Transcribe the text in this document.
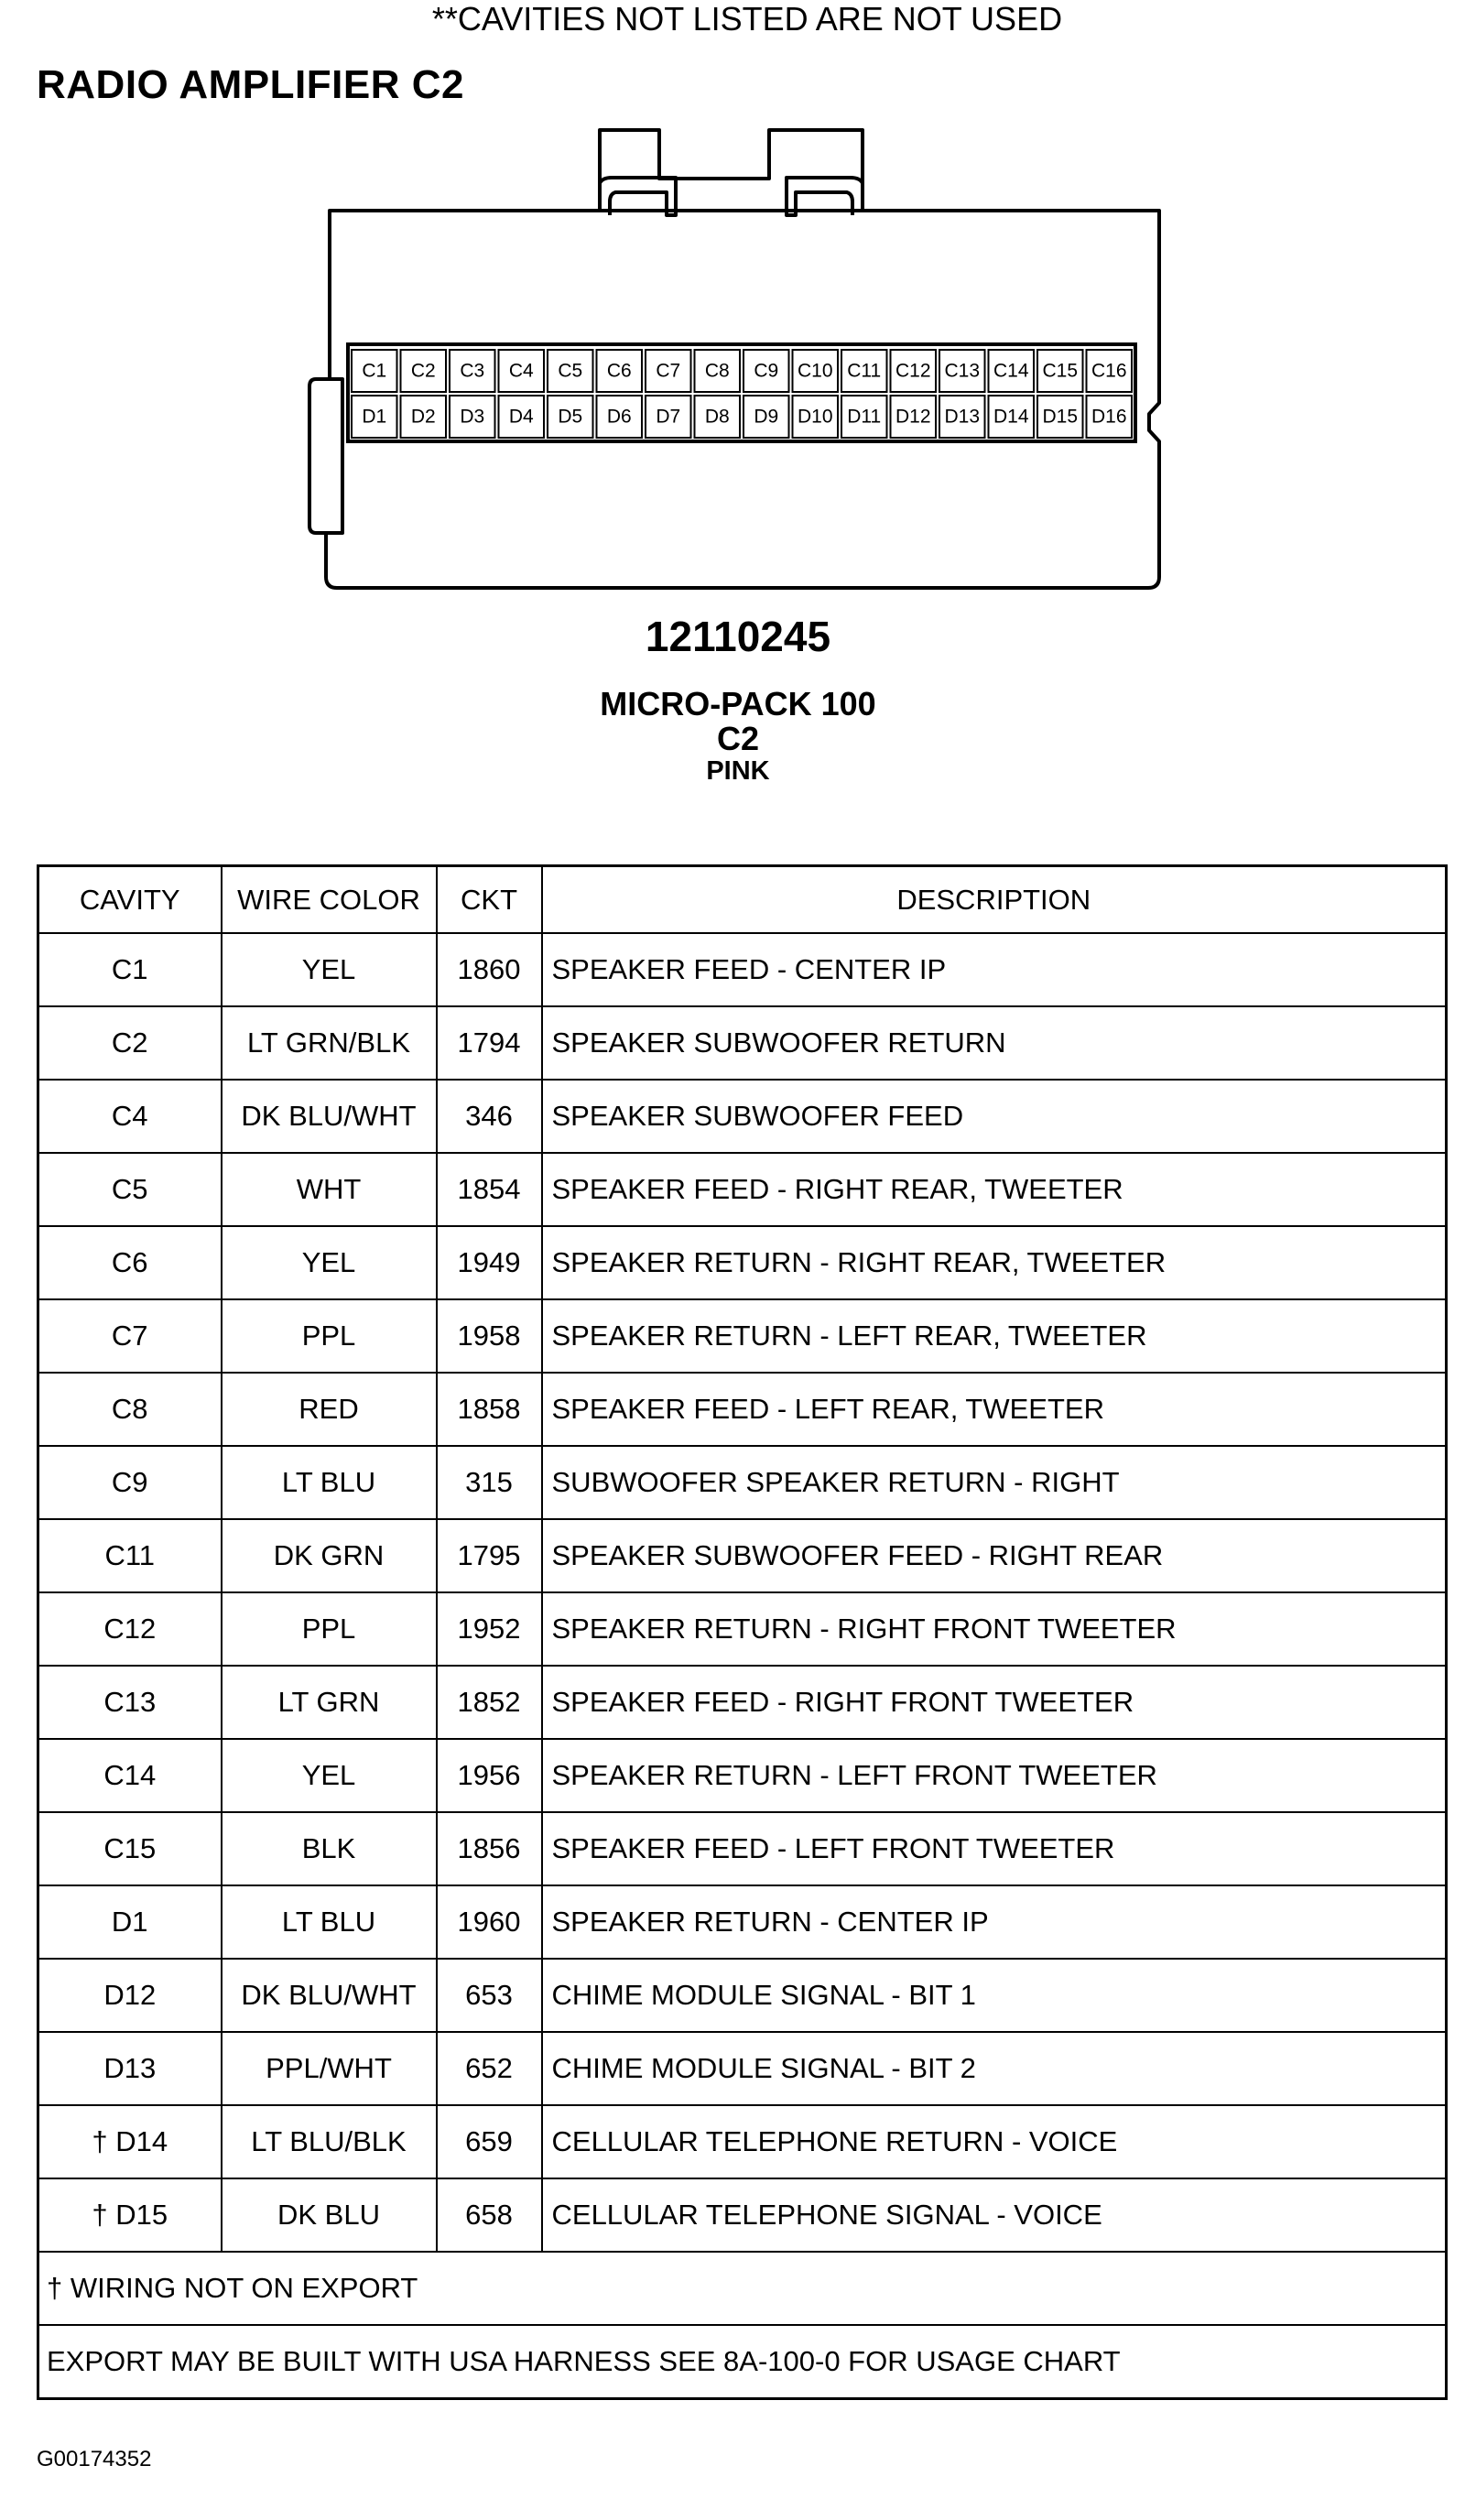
RADIO AMPLIFIER C2
C1 C2 C3 C4 C5 C6 C7 C8 C9 C10 C11 C12 C13 C14 C15 C16
D1 D2 D3 D4 D5 D6 D7 D8 D9 D10 D11 D12 D13 D14 D15 D16
12110245
MICRO-PACK 100
C2
PINK
**CAVITIES NOT LISTED ARE NOT USED
CAVITY	WIRE COLOR	CKT	DESCRIPTION
C1	YEL	1860	SPEAKER FEED - CENTER IP
C2	LT GRN/BLK	1794	SPEAKER SUBWOOFER RETURN
C4	DK BLU/WHT	346	SPEAKER SUBWOOFER FEED
C5	WHT	1854	SPEAKER FEED - RIGHT REAR, TWEETER
C6	YEL	1949	SPEAKER RETURN - RIGHT REAR, TWEETER
C7	PPL	1958	SPEAKER RETURN - LEFT REAR, TWEETER
C8	RED	1858	SPEAKER FEED - LEFT REAR, TWEETER
C9	LT BLU	315	SUBWOOFER SPEAKER RETURN - RIGHT
C11	DK GRN	1795	SPEAKER SUBWOOFER FEED - RIGHT REAR
C12	PPL	1952	SPEAKER RETURN - RIGHT FRONT TWEETER
C13	LT GRN	1852	SPEAKER FEED - RIGHT FRONT TWEETER
C14	YEL	1956	SPEAKER RETURN - LEFT FRONT TWEETER
C15	BLK	1856	SPEAKER FEED - LEFT FRONT TWEETER
D1	LT BLU	1960	SPEAKER RETURN - CENTER IP
D12	DK BLU/WHT	653	CHIME MODULE SIGNAL - BIT 1
D13	PPL/WHT	652	CHIME MODULE SIGNAL - BIT 2
† D14	LT BLU/BLK	659	CELLULAR TELEPHONE RETURN - VOICE
† D15	DK BLU	658	CELLULAR TELEPHONE SIGNAL - VOICE
† WIRING NOT ON EXPORT			
EXPORT MAY BE BUILT WITH USA HARNESS SEE 8A-100-0 FOR USAGE CHART			
G00174352
